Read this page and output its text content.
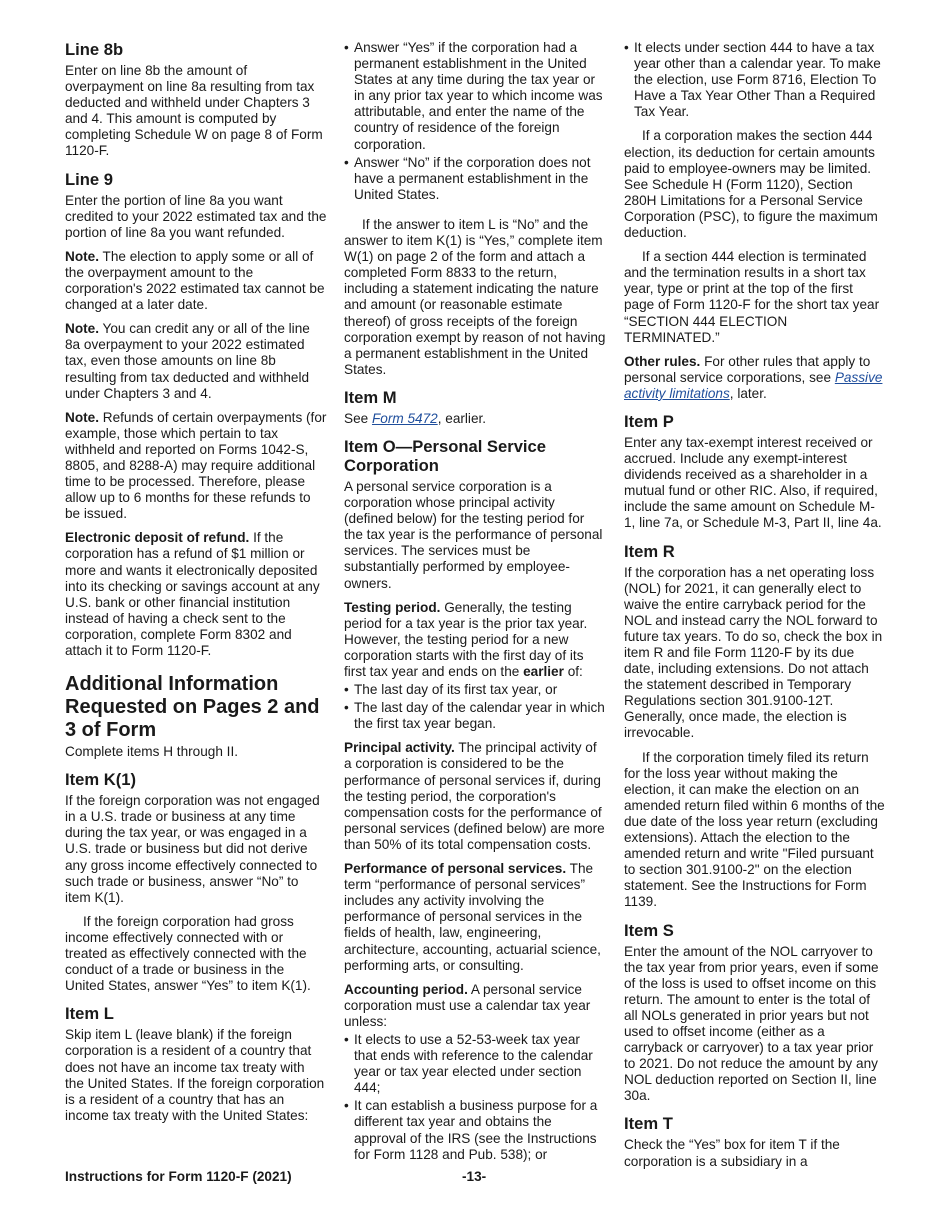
Line 8b

Enter on line 8b the amount of overpayment on line 8a resulting from tax deducted and withheld under Chapters 3 and 4. This amount is computed by completing Schedule W on page 8 of Form 1120-F.

Line 9

Enter the portion of line 8a you want credited to your 2022 estimated tax and the portion of line 8a you want refunded.

Note. The election to apply some or all of the overpayment amount to the corporation's 2022 estimated tax cannot be changed at a later date.

Note. You can credit any or all of the line 8a overpayment to your 2022 estimated tax, even those amounts on line 8b resulting from tax deducted and withheld under Chapters 3 and 4.

Note. Refunds of certain overpayments (for example, those which pertain to tax withheld and reported on Forms 1042-S, 8805, and 8288-A) may require additional time to be processed. Therefore, please allow up to 6 months for these refunds to be issued.

Electronic deposit of refund. If the corporation has a refund of $1 million or more and wants it electronically deposited into its checking or savings account at any U.S. bank or other financial institution instead of having a check sent to the corporation, complete Form 8302 and attach it to Form 1120-F.

Additional Information Requested on Pages 2 and 3 of Form

Complete items H through II.

Item K(1)

If the foreign corporation was not engaged in a U.S. trade or business at any time during the tax year, or was engaged in a U.S. trade or business but did not derive any gross income effectively connected to such trade or business, answer “No” to item K(1).

If the foreign corporation had gross income effectively connected with or treated as effectively connected with the conduct of a trade or business in the United States, answer “Yes” to item K(1).

Item L

Skip item L (leave blank) if the foreign corporation is a resident of a country that does not have an income tax treaty with the United States. If the foreign corporation is a resident of a country that has an income tax treaty with the United States:

• Answer “Yes” if the corporation had a permanent establishment in the United States at any time during the tax year or in any prior tax year to which income was attributable, and enter the name of the country of residence of the foreign corporation.

• Answer “No” if the corporation does not have a permanent establishment in the United States.

If the answer to item L is “No” and the answer to item K(1) is “Yes,” complete item W(1) on page 2 of the form and attach a completed Form 8833 to the return, including a statement indicating the nature and amount (or reasonable estimate thereof) of gross receipts of the foreign corporation exempt by reason of not having a permanent establishment in the United States.

Item M

See Form 5472, earlier.

Item O—Personal Service Corporation

A personal service corporation is a corporation whose principal activity (defined below) for the testing period for the tax year is the performance of personal services. The services must be substantially performed by employee-owners.

Testing period. Generally, the testing period for a tax year is the prior tax year. However, the testing period for a new corporation starts with the first day of its first tax year and ends on the earlier of:

• The last day of its first tax year, or

• The last day of the calendar year in which the first tax year began.

Principal activity. The principal activity of a corporation is considered to be the performance of personal services if, during the testing period, the corporation's compensation costs for the performance of personal services (defined below) are more than 50% of its total compensation costs.

Performance of personal services. The term “performance of personal services” includes any activity involving the performance of personal services in the fields of health, law, engineering, architecture, accounting, actuarial science, performing arts, or consulting.

Accounting period. A personal service corporation must use a calendar tax year unless:

• It elects to use a 52-53-week tax year that ends with reference to the calendar year or tax year elected under section 444;

• It can establish a business purpose for a different tax year and obtains the approval of the IRS (see the Instructions for Form 1128 and Pub. 538); or

• It elects under section 444 to have a tax year other than a calendar year. To make the election, use Form 8716, Election To Have a Tax Year Other Than a Required Tax Year.

If a corporation makes the section 444 election, its deduction for certain amounts paid to employee-owners may be limited. See Schedule H (Form 1120), Section 280H Limitations for a Personal Service Corporation (PSC), to figure the maximum deduction.

If a section 444 election is terminated and the termination results in a short tax year, type or print at the top of the first page of Form 1120-F for the short tax year “SECTION 444 ELECTION TERMINATED.”

Other rules. For other rules that apply to personal service corporations, see Passive activity limitations, later.

Item P

Enter any tax-exempt interest received or accrued. Include any exempt-interest dividends received as a shareholder in a mutual fund or other RIC. Also, if required, include the same amount on Schedule M-1, line 7a, or Schedule M-3, Part II, line 4a.

Item R

If the corporation has a net operating loss (NOL) for 2021, it can generally elect to waive the entire carryback period for the NOL and instead carry the NOL forward to future tax years. To do so, check the box in item R and file Form 1120-F by its due date, including extensions. Do not attach the statement described in Temporary Regulations section 301.9100-12T. Generally, once made, the election is irrevocable.

If the corporation timely filed its return for the loss year without making the election, it can make the election on an amended return filed within 6 months of the due date of the loss year return (excluding extensions). Attach the election to the amended return and write "Filed pursuant to section 301.9100-2" on the election statement. See the Instructions for Form 1139.

Item S

Enter the amount of the NOL carryover to the tax year from prior years, even if some of the loss is used to offset income on this return. The amount to enter is the total of all NOLs generated in prior years but not used to offset income (either as a carryback or carryover) to a tax year prior to 2021. Do not reduce the amount by any NOL deduction reported on Section II, line 30a.

Item T

Check the “Yes” box for item T if the corporation is a subsidiary in a

Instructions for Form 1120-F (2021)	-13-
